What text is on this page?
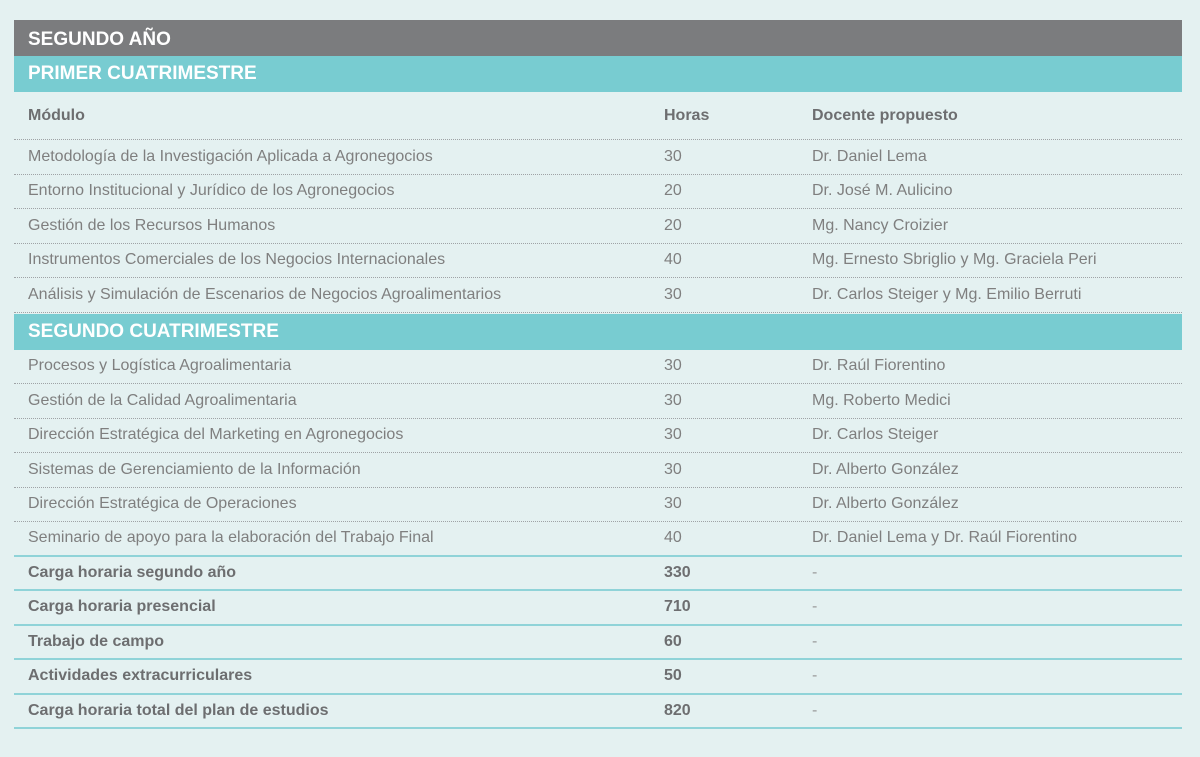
SEGUNDO AÑO
PRIMER CUATRIMESTRE
Módulo	Horas	Docente propuesto
Metodología de la Investigación Aplicada a Agronegocios	30	Dr. Daniel Lema
Entorno Institucional y Jurídico de los Agronegocios	20	Dr. José M. Aulicino
Gestión de los Recursos Humanos	20	Mg. Nancy Croizier
Instrumentos Comerciales de los Negocios Internacionales	40	Mg. Ernesto Sbriglio y Mg. Graciela Peri
Análisis y Simulación de Escenarios de Negocios Agroalimentarios	30	Dr. Carlos Steiger y Mg. Emilio Berruti
SEGUNDO CUATRIMESTRE
Procesos y Logística Agroalimentaria	30	Dr. Raúl Fiorentino
Gestión de la Calidad Agroalimentaria	30	Mg. Roberto Medici
Dirección Estratégica del Marketing en Agronegocios	30	Dr. Carlos Steiger
Sistemas de Gerenciamiento de la Información	30	Dr. Alberto González
Dirección Estratégica de Operaciones	30	Dr. Alberto González
Seminario de apoyo para la elaboración del Trabajo Final	40	Dr. Daniel Lema y Dr. Raúl Fiorentino
Carga horaria segundo año	330	-
Carga horaria presencial	710	-
Trabajo de campo	60	-
Actividades extracurriculares	50	-
Carga horaria total del plan de estudios	820	-
